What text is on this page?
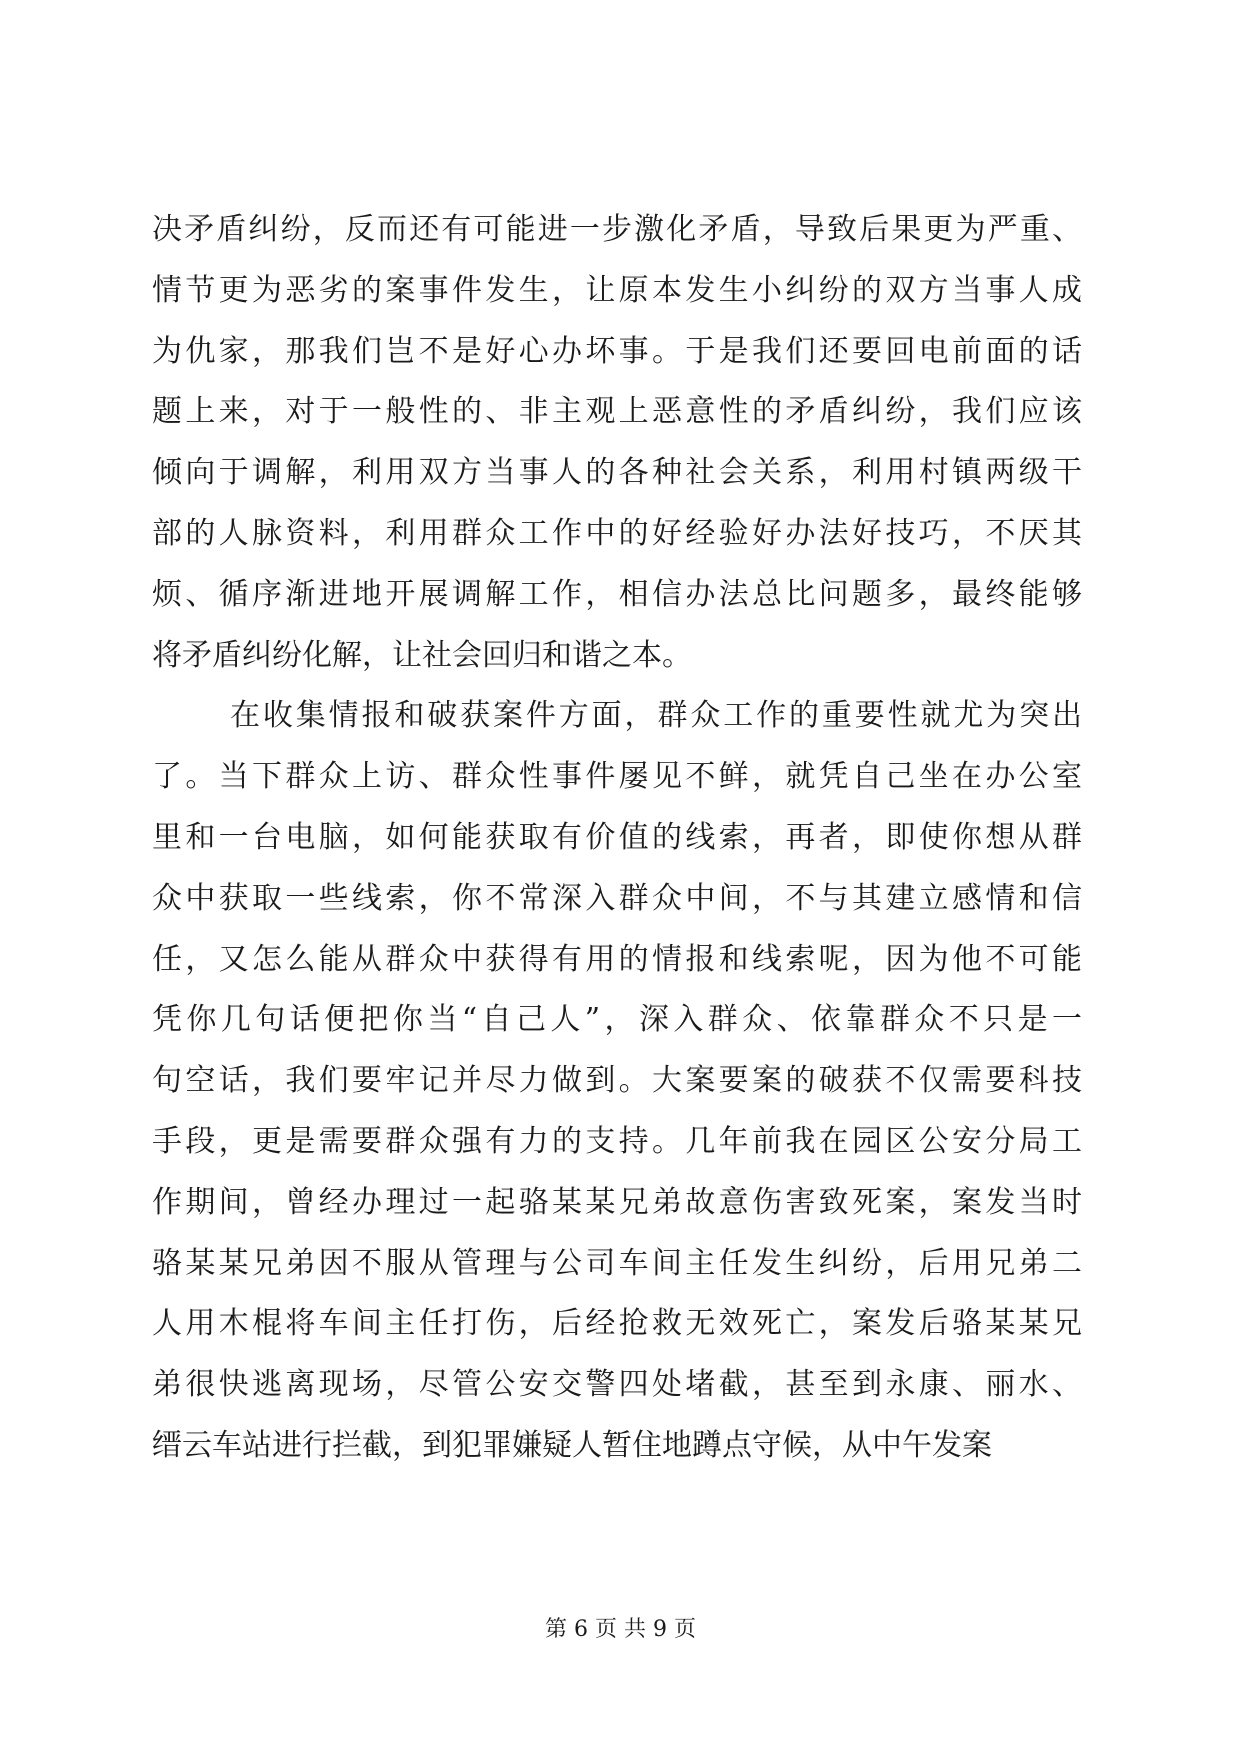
决矛盾纠纷，反而还有可能进一步激化矛盾，导致后果更为严重、
情节更为恶劣的案事件发生，让原本发生小纠纷的双方当事人成
为仇家，那我们岂不是好心办坏事。于是我们还要回电前面的话
题上来，对于一般性的、非主观上恶意性的矛盾纠纷，我们应该
倾向于调解，利用双方当事人的各种社会关系，利用村镇两级干
部的人脉资料，利用群众工作中的好经验好办法好技巧，不厌其
烦、循序渐进地开展调解工作，相信办法总比问题多，最终能够
将矛盾纠纷化解，让社会回归和谐之本。
在收集情报和破获案件方面，群众工作的重要性就尤为突出
了。当下群众上访、群众性事件屡见不鲜，就凭自己坐在办公室
里和一台电脑，如何能获取有价值的线索，再者，即使你想从群
众中获取一些线索，你不常深入群众中间，不与其建立感情和信
任，又怎么能从群众中获得有用的情报和线索呢，因为他不可能
凭你几句话便把你当“自己人”，深入群众、依靠群众不只是一
句空话，我们要牢记并尽力做到。大案要案的破获不仅需要科技
手段，更是需要群众强有力的支持。几年前我在园区公安分局工
作期间，曾经办理过一起骆某某兄弟故意伤害致死案，案发当时
骆某某兄弟因不服从管理与公司车间主任发生纠纷，后用兄弟二
人用木棍将车间主任打伤，后经抢救无效死亡，案发后骆某某兄
弟很快逃离现场，尽管公安交警四处堵截，甚至到永康、丽水、
缙云车站进行拦截，到犯罪嫌疑人暂住地蹲点守候，从中午发案
第 6 页 共 9 页
